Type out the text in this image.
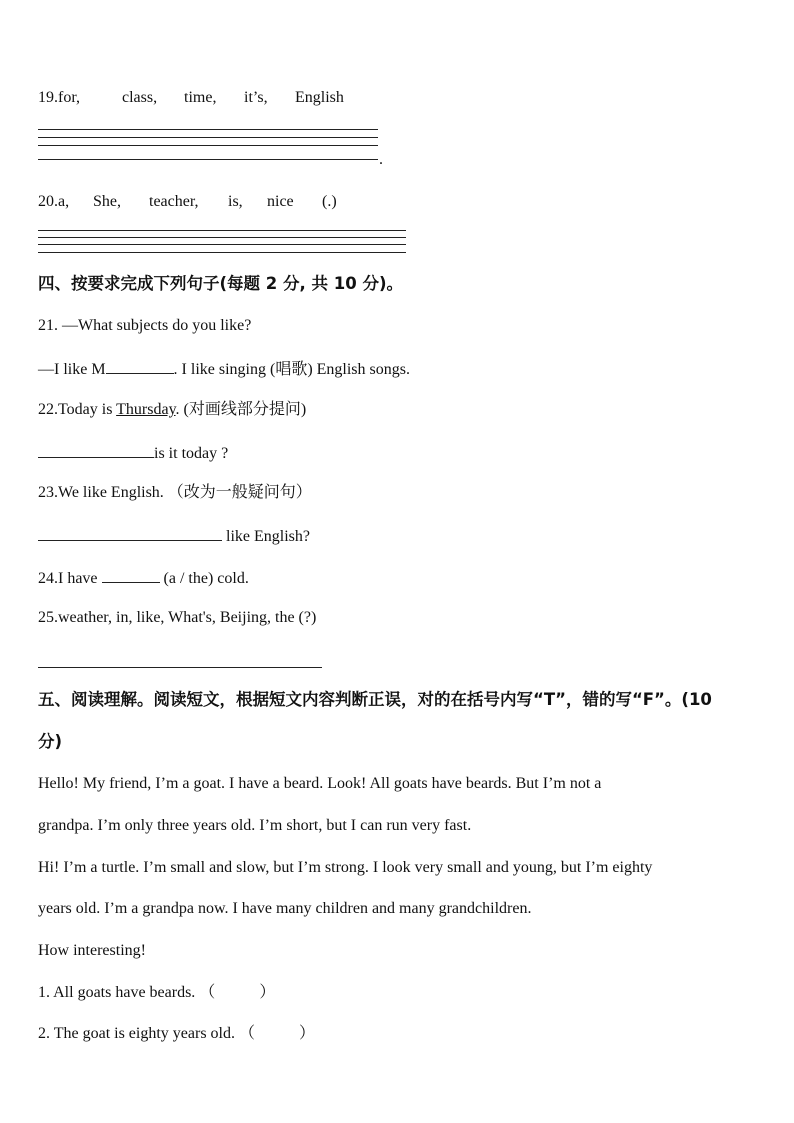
19.for,	class, time, it’s, English
.
20.a, She, teacher, is, nice (.)
四、按要求完成下列句子(每题 2 分, 共 10 分)。
21. —What subjects do you like?
—I like M	. I like singing (唱歌) English songs.
22.Today is Thursday. (对画线部分提问)
is it today ?
23.We like English. （改为一般疑问句）
like English?
24.I have	(a / the) cold.
25.weather, in, like, What's, Beijing, the (?)
五、阅读理解。阅读短文，根据短文内容判断正误，对的在括号内写“T”，错的写“F”。(10
分)
Hello! My friend, I’m a goat. I have a beard. Look! All goats have beards. But I’m not a
grandpa. I’m only three years old. I’m short, but I can run very fast.
Hi! I’m a turtle. I’m small and slow, but I’m strong. I look very small and young, but I’m eighty
years old. I’m a grandpa now. I have many children and many grandchildren.
How interesting!
1. All goats have beards. （	）
2. The goat is eighty years old. （	）
